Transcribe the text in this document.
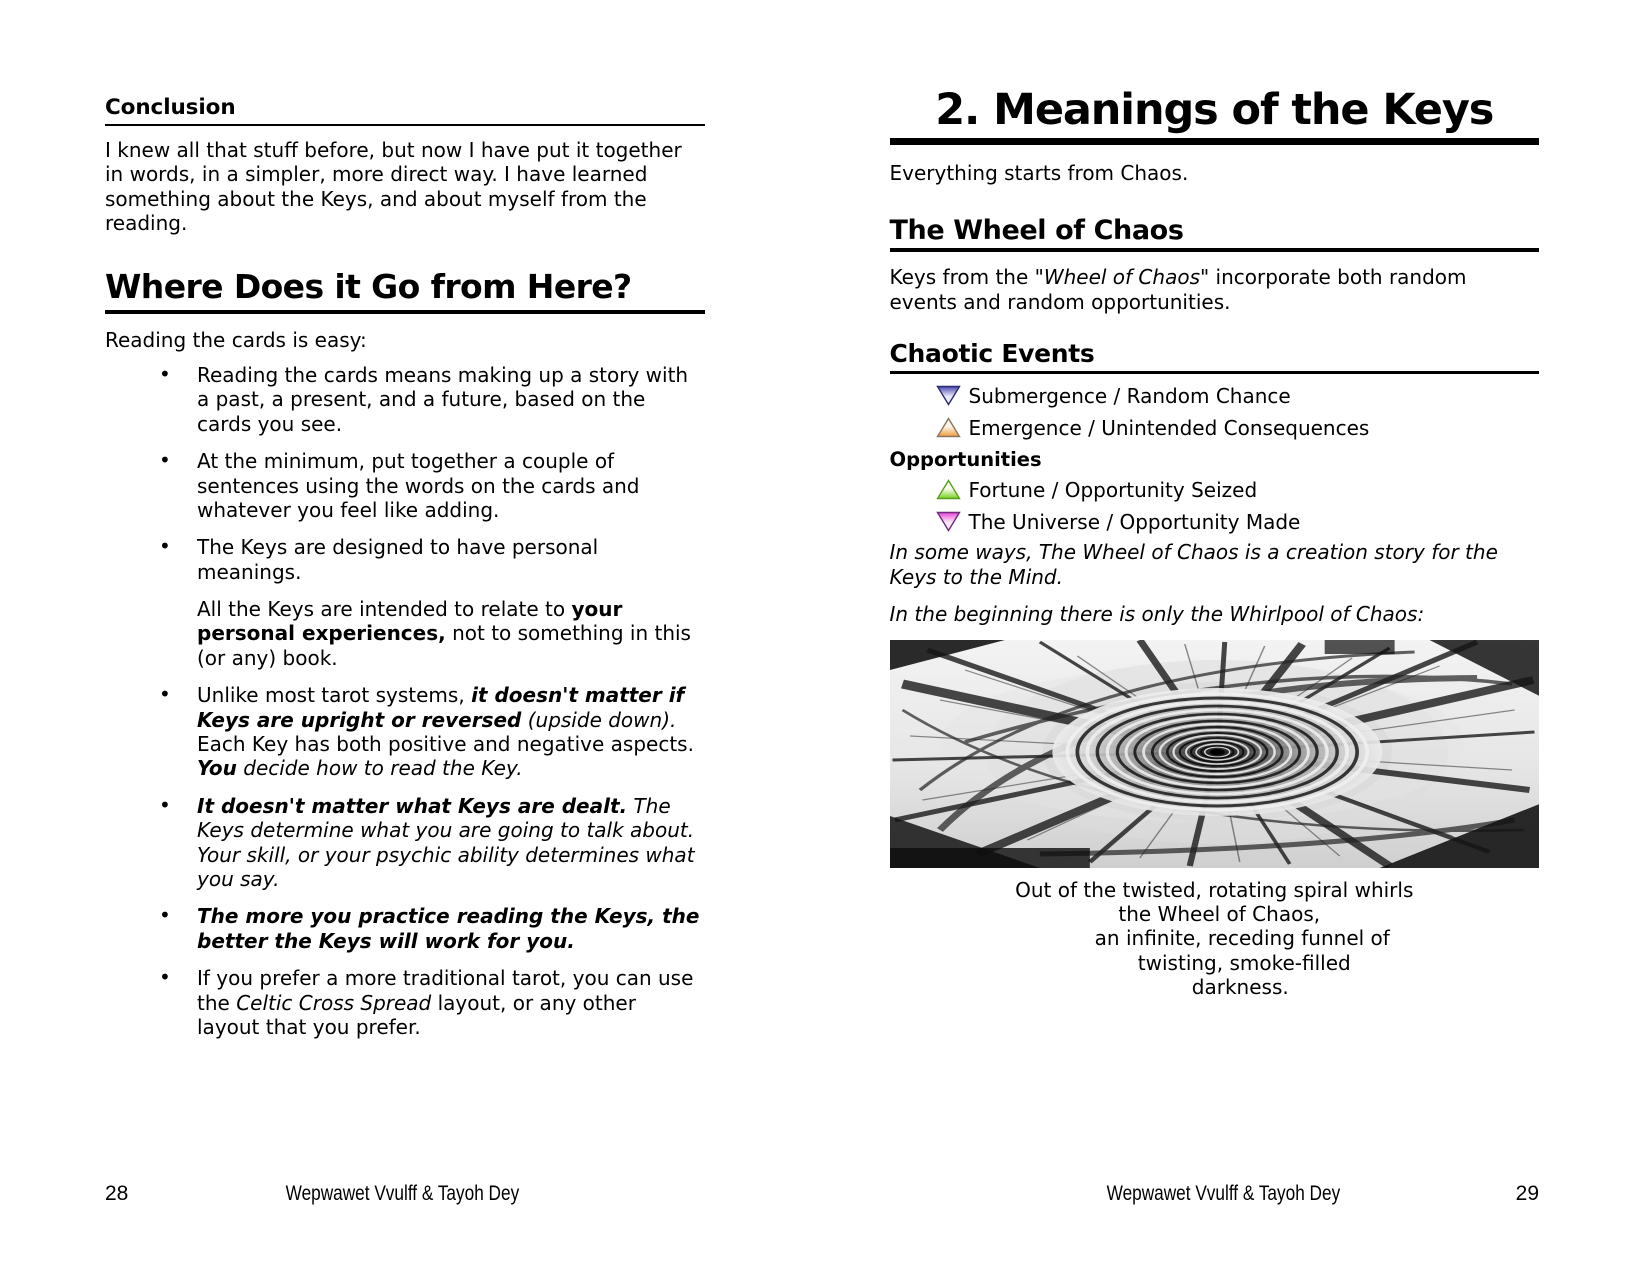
Conclusion

I knew all that stuff before, but now I have put it together in words, in a simpler, more direct way. I have learned something about the Keys, and about myself from the reading.

Where Does it Go from Here?

Reading the cards is easy:

• Reading the cards means making up a story with a past, a present, and a future, based on the cards you see.
• At the minimum, put together a couple of sentences using the words on the cards and whatever you feel like adding.
• The Keys are designed to have personal meanings.
All the Keys are intended to relate to your personal experiences, not to something in this (or any) book.
• Unlike most tarot systems, it doesn't matter if Keys are upright or reversed (upside down). Each Key has both positive and negative aspects. You decide how to read the Key.
• It doesn't matter what Keys are dealt. The Keys determine what you are going to talk about. Your skill, or your psychic ability determines what you say.
• The more you practice reading the Keys, the better the Keys will work for you.
• If you prefer a more traditional tarot, you can use the Celtic Cross Spread layout, or any other layout that you prefer.
28	Wepwawet Vvulff & Tayoh Dey
2. Meanings of the Keys

Everything starts from Chaos.

The Wheel of Chaos

Keys from the "Wheel of Chaos" incorporate both random events and random opportunities.

Chaotic Events
Submergence / Random Chance
Emergence / Unintended Consequences
Opportunities
Fortune / Opportunity Seized
The Universe / Opportunity Made

In some ways, The Wheel of Chaos is a creation story for the Keys to the Mind.

In the beginning there is only the Whirlpool of Chaos:

Out of the twisted, rotating spiral whirls
the Wheel of Chaos,
an infinite, receding funnel of
twisting, smoke-filled
darkness.
Wepwawet Vvulff & Tayoh Dey	29
